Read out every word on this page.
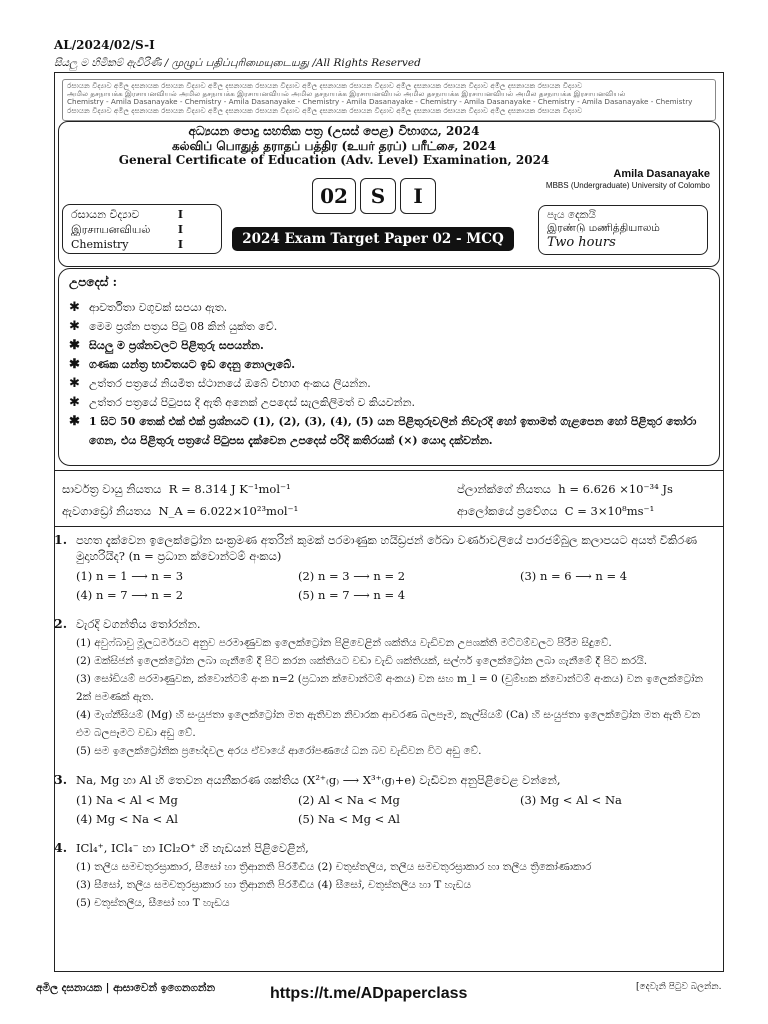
AL/2024/02/S-I
සියලු ම හිමිකම් ඇවිරිණි / முழுப் பதிப்புரிமையுடையது /All Rights Reserved
රසායන විද්‍යාව අමිල දසනායක රසායන විද්‍යාව අමිල දසනායක රසායන විද්‍යාව අමිල දසනායක රසායන විද්‍යාව අමිල දසනායක රසායන විද්‍යාව අමිල දසනායක රසායන විද්‍යාව
அமில தசநாயக்க இரசாயனவியல் அமில தசநாயக்க இரசாயனவியல் அமில தசநாயக்க இரசாயனவியல் அமில தசநாயக்க இரசாயனவியல் அமில தசநாயக்க இரசாயனவியல்
Chemistry - Amila Dasanayake - Chemistry - Amila Dasanayake - Chemistry - Amila Dasanayake - Chemistry - Amila Dasanayake - Chemistry - Amila Dasanayake - Chemistry
රසායන විද්‍යාව අමිල දසනායක රසායන විද්‍යාව අමිල දසනායක රසායන විද්‍යාව අමිල දසනායක රසායන විද්‍යාව අමිල දසනායක රසායන විද්‍යාව අමිල දසනායක රසායන විද්‍යාව
අධ්‍යයන පොදු සහතික පත්‍ර (උසස් පෙළ) විභාගය, 2024
கல்விப் பொதுத் தராதப் பத்திர (உயர் தரப்) பரீட்சை, 2024
General Certificate of Education (Adv. Level) Examination, 2024
Amila Dasanayake
MBBS (Undergraduate) University of Colombo
02	S	I
රසායන විද්‍යාව	I
இரசாயனவியல் I
Chemistry	I	2024 Exam Target Paper 02 - MCQ
පැය දෙකයි
இரண்டு மணித்தியாலம்
Two hours
උපදෙස් :
✱ ආවර්තිතා වගුවක් සපයා ඇත.
✱ මෙම ප්‍රශ්න පත්‍රය පිටු 08 කින් යුක්ත වේ.
✱ සියලු ම ප්‍රශ්නවලට පිළිතුරු සපයන්න.
✱ ගණක යන්ත්‍ර භාවිතයට ඉඩ දෙනු නොලැබේ.
✱ උත්තර පත්‍රයේ නියමිත ස්ථානයේ ඔබේ විභාග අංකය ලියන්න.
✱ උත්තර පත්‍රයේ පිටුපස දී ඇති අනෙක් උපදෙස් සැලකිලිමත් ව කියවන්න.
✱ 1 සිට 50 තෙක් එක් එක් ප්‍රශ්නයට (1), (2), (3), (4), (5) යන පිළිතුරුවලින් නිවැරදි හෝ ඉතාමත් ගැළපෙන හෝ පිළිතුර තෝරා ගෙන, එය පිළිතුරු පත්‍රයේ පිටුපස දැක්වෙන උපදෙස් පරිදි කතිරයක් (×) යොදා දක්වන්න.
සාර්වත්‍ර වායු නියතය R = 8.314 J K⁻¹mol⁻¹	ප්ලාන්ක්ගේ නියතය h = 6.626 ×10⁻³⁴ Js
ඇවගාඩ්‍රෝ නියතය N_A = 6.022×10²³mol⁻¹	ආලෝකයේ ප්‍රවේගය C = 3×10⁸ms⁻¹
1. පහත දැක්වෙන ඉලෙක්ට්‍රෝන සංක්‍රමණ අතරින් කුමක් පරමාණුක හයිඩ්‍රජන් රේඛා වර්ණාවලියේ පාරජම්බුල කලාපයට අයත් විකිරණ මුදාහරියිද? (n = ප්‍රධාන ක්වොන්ටම් අංකය)
(1) n = 1 ⟶ n = 3	(2) n = 3 ⟶ n = 2	(3) n = 6 ⟶ n = 4
(4) n = 7 ⟶ n = 2	(5) n = 7 ⟶ n = 4
2. වැරදි වගන්තිය තෝරන්න.
(1) අවුෆ්බාවු මූලධර්මයට අනුව පරමාණුවක ඉලෙක්ට්‍රෝන පිළිවෙළින් ශක්තිය වැඩිවන උපශක්ති මට්ටම්වලට පිරීම සිදුවේ.
(2) ඔක්සිජන් ඉලෙක්ට්‍රෝන ලබා ගැනීමේ දී පිට කරන ශක්තියට වඩා වැඩි ශක්තියක්, සල්ෆර් ඉලෙක්ට්‍රෝන ලබා ගැනීමේ දී පිට කරයි.
(3) සෝඩියම් පරමාණුවක, ක්වොන්ටම් අංක n=2 (ප්‍රධාන ක්වොන්ටම් අංකය) වන සහ m_l = 0 (චුම්භක ක්වොන්ටම් අංකය) වන ඉලෙක්ට්‍රෝන 2ක් පමණක් ඇත.
(4) මැග්නීසියම් (Mg) හි සංයුජතා ඉලෙක්ට්‍රෝන මත ඇතිවන නිවාරක ආවරණ බලපෑම, කැල්සියම් (Ca) හි සංයුජතා ඉලෙක්ට්‍රෝන මත ඇති වන එම බලපෑමට වඩා අඩු වේ.
(5) සම ඉලෙක්ට්‍රෝනික ප්‍රභේදවල අරය ඒවායේ ආරෝපණයේ ධන බව වැඩිවන විට අඩු වේ.
3. Na, Mg හා Al හි තෙවන අයනීකරණ ශක්තිය (X²⁺₍g₎ ⟶ X³⁺₍g₎+e) වැඩිවන අනුපිළිවෙළ වන්නේ,
(1) Na < Al < Mg	(2) Al < Na < Mg	(3) Mg < Al < Na
(4) Mg < Na < Al	(5) Na < Mg < Al
4. ICl₄⁺, ICl₄⁻ හා ICl₂O⁺ හි හැඩයන් පිළිවෙළින්,
(1) තලීය සමචතුරස්‍රාකාර, සීසෝ හා ත්‍රිආනති පිරමීඩීය (2) චතුස්තලීය, තලීය සමචතුරස්‍රාකාර හා තලීය ත්‍රිකෝණාකාර
(3) සීසෝ, තලීය සමචතුරස්‍රාකාර හා ත්‍රිආනති පිරමීඩීය (4) සීසෝ, චතුස්තලීය හා T හැඩය
(5) චතුස්තලීය, සීසෝ හා T හැඩය
අමිල දසනායක | ආසාවෙන් ඉගෙනගන්න	https://t.me/ADpaperclass	[දෙවැනි පිටුව බලන්න.
